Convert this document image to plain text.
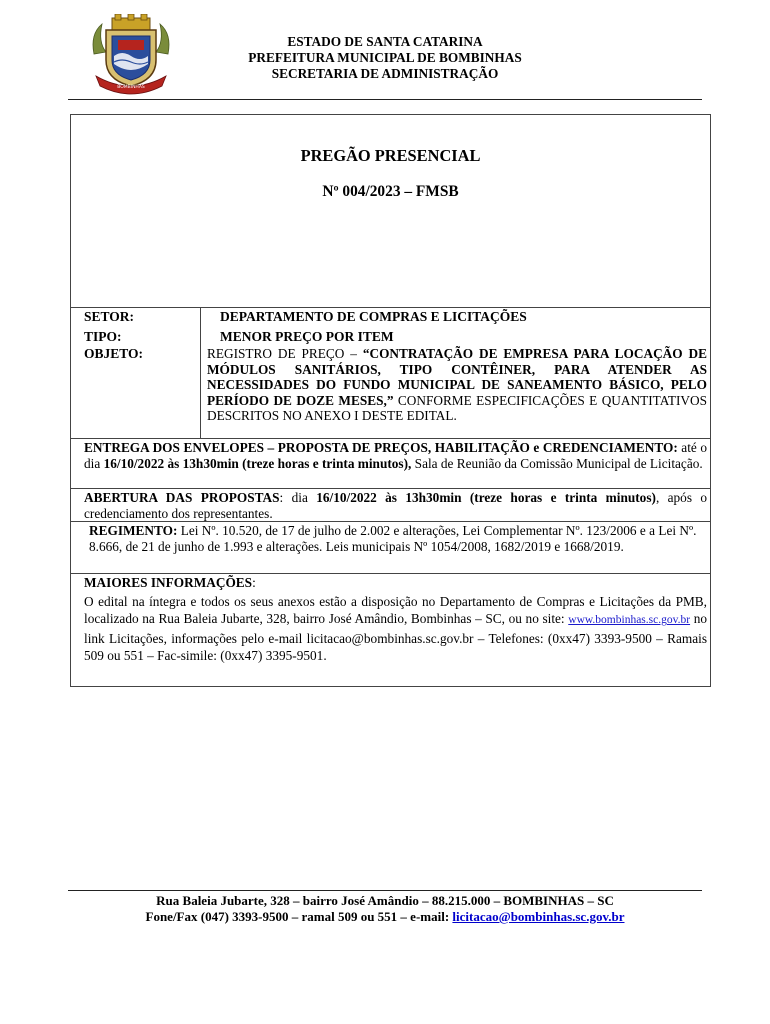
BOMBINHAS
ESTADO DE SANTA CATARINA
PREFEITURA MUNICIPAL DE BOMBINHAS
SECRETARIA DE ADMINISTRAÇÃO
PREGÃO PRESENCIAL
Nº 004/2023 – FMSB
SETOR:	DEPARTAMENTO DE COMPRAS E LICITAÇÕES
TIPO:	MENOR PREÇO POR ITEM
OBJETO:	REGISTRO DE PREÇO – “CONTRATAÇÃO DE EMPRESA PARA LOCAÇÃO DE MÓDULOS SANITÁRIOS, TIPO CONTÊINER, PARA ATENDER AS NECESSIDADES DO FUNDO MUNICIPAL DE SANEAMENTO BÁSICO, PELO PERÍODO DE DOZE MESES,” CONFORME ESPECIFICAÇÕES E QUANTITATIVOS DESCRITOS NO ANEXO I DESTE EDITAL.
ENTREGA DOS ENVELOPES – PROPOSTA DE PREÇOS, HABILITAÇÃO e CREDENCIAMENTO: até o dia 16/10/2022 às 13h30min (treze horas e trinta minutos), Sala de Reunião da Comissão Municipal de Licitação.
ABERTURA DAS PROPOSTAS: dia 16/10/2022 às 13h30min (treze horas e trinta minutos), após o credenciamento dos representantes.
REGIMENTO: Lei Nº. 10.520, de 17 de julho de 2.002 e alterações, Lei Complementar Nº. 123/2006 e a Lei Nº. 8.666, de 21 de junho de 1.993 e alterações. Leis municipais Nº 1054/2008, 1682/2019 e 1668/2019.
MAIORES INFORMAÇÕES:
O edital na íntegra e todos os seus anexos estão a disposição no Departamento de Compras e Licitações da PMB, localizado na Rua Baleia Jubarte, 328, bairro José Amândio, Bombinhas – SC, ou no site: www.bombinhas.sc.gov.br no link Licitações, informações pelo e-mail licitacao@bombinhas.sc.gov.br – Telefones: (0xx47) 3393-9500 – Ramais 509 ou 551 – Fac-simile: (0xx47) 3395-9501.
Rua Baleia Jubarte, 328 – bairro José Amândio – 88.215.000 – BOMBINHAS – SC
Fone/Fax (047) 3393-9500 – ramal 509 ou 551 – e-mail: licitacao@bombinhas.sc.gov.br
